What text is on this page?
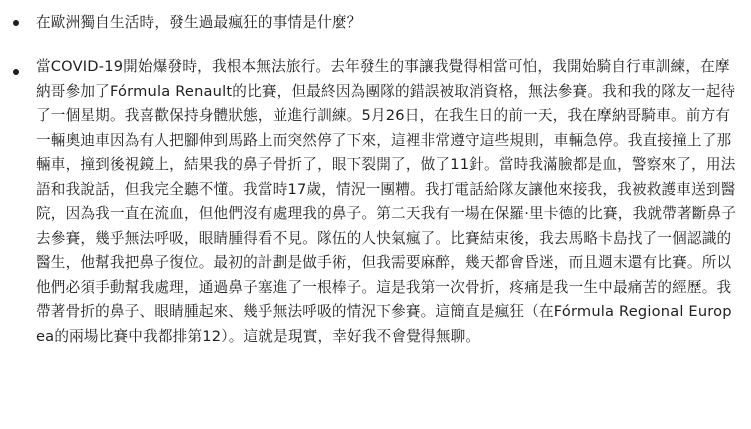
在歐洲獨自生活時，發生過最瘋狂的事情是什麼？
當COVID-19開始爆發時，我根本無法旅行。去年發生的事讓我覺得相當可怕，我開始騎自行車訓練，在摩納哥參加了Fórmula Renault的比賽，但最終因為團隊的錯誤被取消資格，無法參賽。我和我的隊友一起待了一個星期。我喜歡保持身體狀態，並進行訓練。5月26日，在我生日的前一天，我在摩納哥騎車。前方有一輛奧迪車因為有人把腳伸到馬路上而突然停了下來，這裡非常遵守這些規則，車輛急停。我直接撞上了那輛車，撞到後視鏡上，結果我的鼻子骨折了，眼下裂開了，做了11針。當時我滿臉都是血，警察來了，用法語和我說話，但我完全聽不懂。我當時17歲，情況一團糟。我打電話給隊友讓他來接我，我被救護車送到醫院，因為我一直在流血，但他們沒有處理我的鼻子。第二天我有一場在保羅·里卡德的比賽，我就帶著斷鼻子去參賽，幾乎無法呼吸，眼睛腫得看不見。隊伍的人快氣瘋了。比賽結束後，我去馬略卡島找了一個認識的醫生，他幫我把鼻子復位。最初的計劃是做手術，但我需要麻醉，幾天都會昏迷，而且週末還有比賽。所以他們必須手動幫我處理，通過鼻子塞進了一根棒子。這是我第一次骨折，疼痛是我一生中最痛苦的經歷。我帶著骨折的鼻子、眼睛腫起來、幾乎無法呼吸的情況下參賽。這簡直是瘋狂（在Fórmula Regional Europea的兩場比賽中我都排第12）。這就是現實，幸好我不會覺得無聊。
